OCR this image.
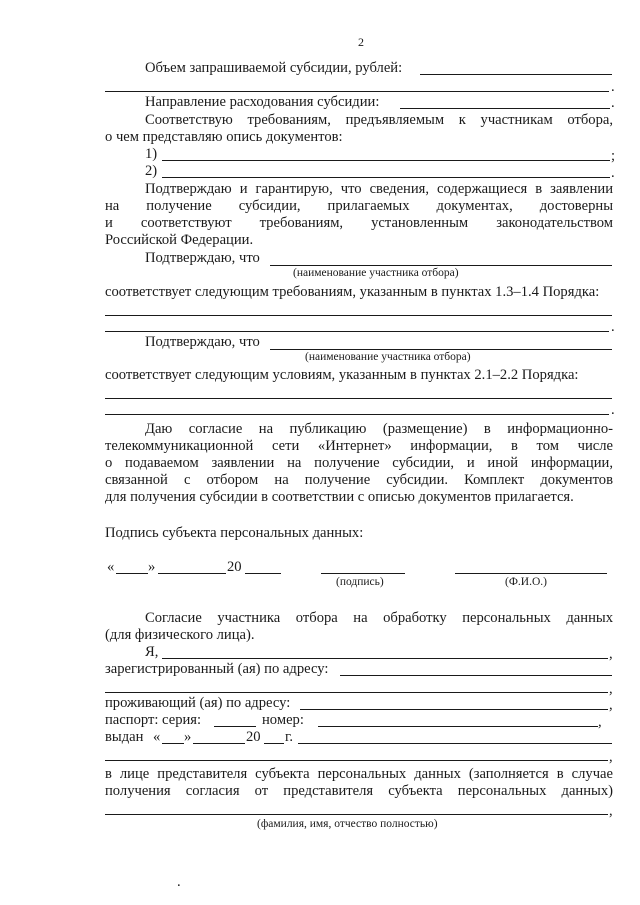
2
Объем запрашиваемой субсидии, рублей:
.
Направление расходования субсидии:	.
Соответствую требованиям, предъявляемым к участникам отбора,
о чем представляю опись документов:
1)	;
2)	.
Подтверждаю и гарантирую, что сведения, содержащиеся в заявлении
на получение субсидии, прилагаемых документах, достоверны
и соответствуют требованиям, установленным законодательством
Российской Федерации.
Подтверждаю, что
(наименование участника отбора)
соответствует следующим требованиям, указанным в пунктах 1.3–1.4 Порядка:
.
Подтверждаю, что
(наименование участника отбора)
соответствует следующим условиям, указанным в пунктах 2.1–2.2 Порядка:
.
Даю согласие на публикацию (размещение) в информационно-
телекоммуникационной сети «Интернет» информации, в том числе
о подаваемом заявлении на получение субсидии, и иной информации,
связанной с отбором на получение субсидии. Комплект документов
для получения субсидии в соответствии с описью документов прилагается.
Подпись субъекта персональных данных:
« »	20
(подпись)	(Ф.И.О.)
Согласие участника отбора на обработку персональных данных
(для физического лица).
Я,	,
зарегистрированный (ая) по адресу:
,
проживающий (ая) по адресу:	,
паспорт: серия:	номер:	,
выдан « »	20 г.
,
в лице представителя субъекта персональных данных (заполняется в случае
получения согласия от представителя субъекта персональных данных)
,
(фамилия, имя, отчество полностью)
.
